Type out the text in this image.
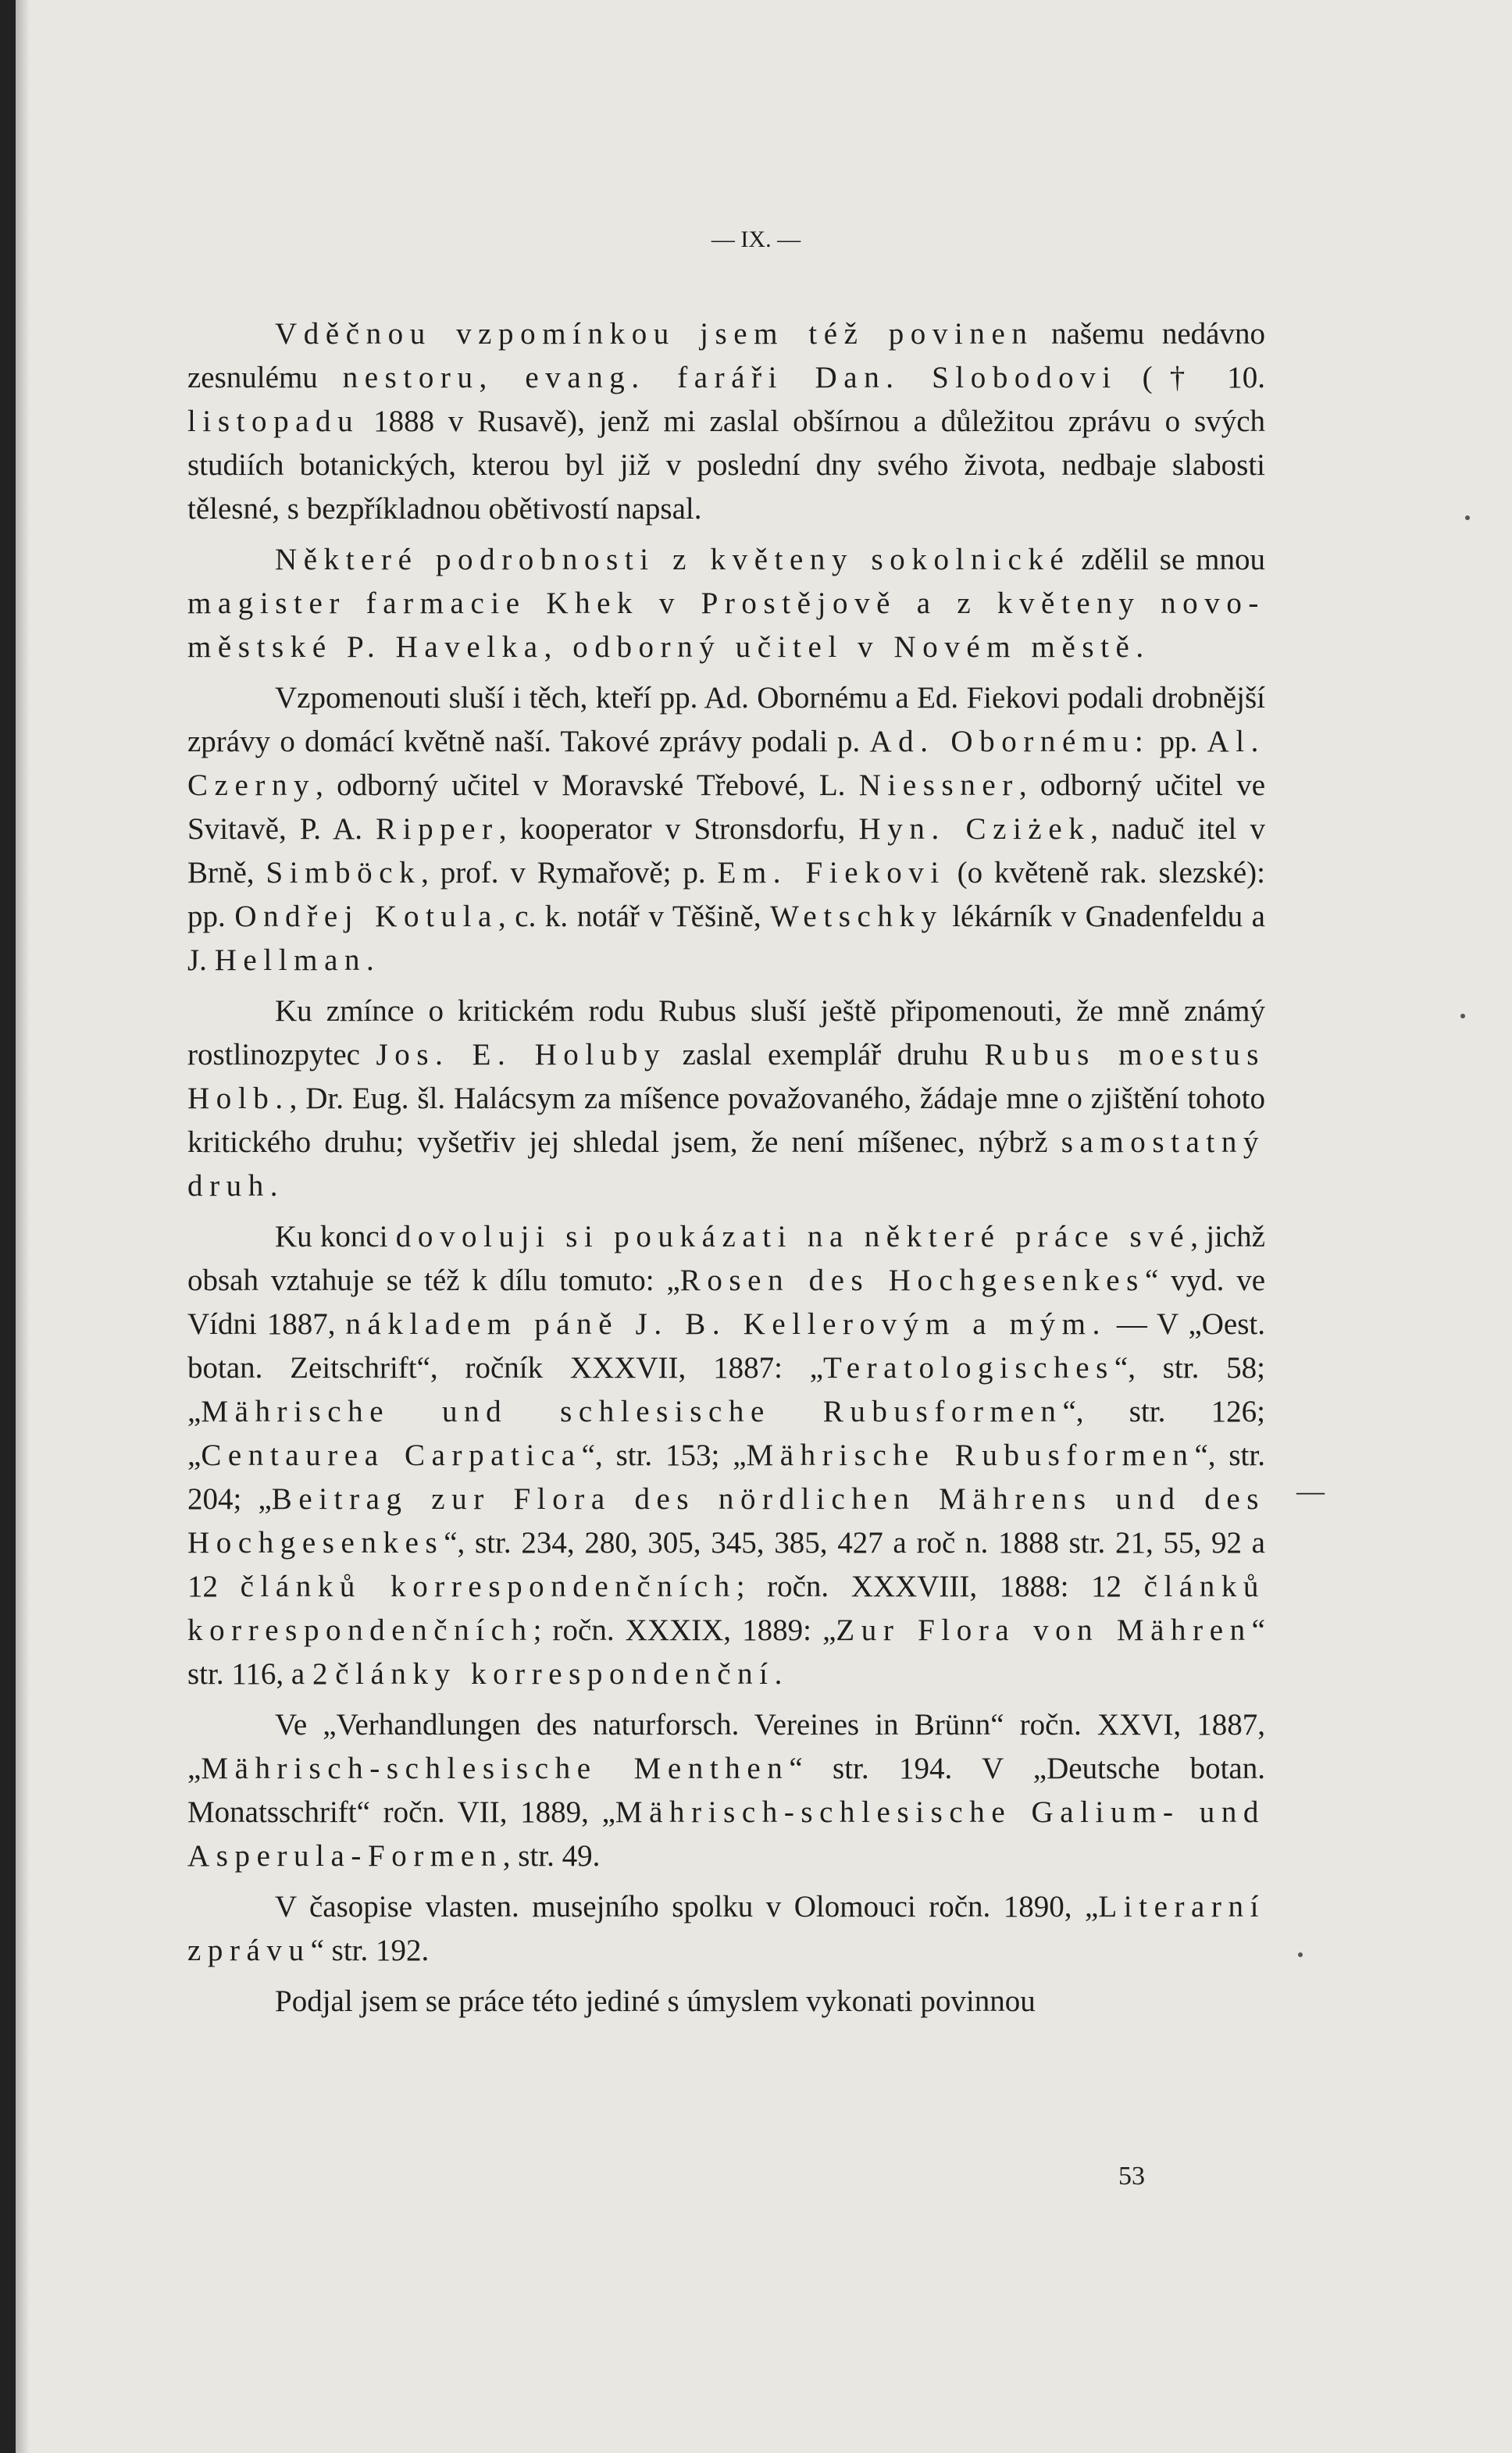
— IX. —

Vděčnou vzpomínkou jsem též povinen našemu nedávno zesnulému nestoru, evang. faráři Dan. Slobodovi († 10. listopadu 1888 v Rusavě), jenž mi zaslal obšírnou a důležitou zprávu o svých studiích botanických, kterou byl již v poslední dny svého života, nedbaje slabosti tělesné, s bezpříkladnou obětivostí napsal.

Některé podrobnosti z květeny sokolnické zdělil se mnou magister farmacie Khek v Prostějově a z květeny novo-městské P. Havelka, odborný učitel v Novém městě.

Vzpomenouti sluší i těch, kteří pp. Ad. Obornému a Ed. Fiekovi podali drobnější zprávy o domácí květně naší. Takové zprávy podali p. Ad. Obornému: pp. Al. Czerny, odborný učitel v Moravské Třebové, L. Niessner, odborný učitel ve Svitavě, P. A. Ripper, kooperator v Stronsdorfu, Hyn. Cziżek, naduč itel v Brně, Simböck, prof. v Rymařově; p. Em. Fiekovi (o květeně rak. slezské): pp. Ondřej Kotula, c. k. notář v Těšině, Wetschky lékárník v Gnadenfeldu a J. Hellman.

Ku zmínce o kritickém rodu Rubus sluší ještě připomenouti, že mně známý rostlinozpytec Jos. E. Holuby zaslal exemplář druhu Rubus moestus Holb., Dr. Eug. šl. Halácsym za míšence považovaného, žádaje mne o zjištění tohoto kritického druhu; vyšetřiv jej shledal jsem, že není míšenec, nýbrž samostatný druh.

Ku konci dovoluji si poukázati na některé práce své, jichž obsah vztahuje se též k dílu tomuto: „Rosen des Hochgesenkes“ vyd. ve Vídni 1887, nákladem páně J. B. Kellerovým a mým. — V „Oest. botan. Zeitschrift“, ročník XXXVII, 1887: „Teratologisches“, str. 58; „Mährische und schlesische Rubusformen“, str. 126; „Centaurea Carpatica“, str. 153; „Mährische Rubusformen“, str. 204; „Beitrag zur Flora des nördlichen Mährens und des Hochgesenkes“, str. 234, 280, 305, 345, 385, 427 a roč n. 1888 str. 21, 55, 92 a 12 článků korrespondenčních; ročn. XXXVIII, 1888: 12 článků korrespondenčních; ročn. XXXIX, 1889: „Zur Flora von Mähren“ str. 116, a 2 články korrespondenční.

Ve „Verhandlungen des naturforsch. Vereines in Brünn“ ročn. XXVI, 1887, „Mährisch-schlesische Menthen“ str. 194. V „Deutsche botan. Monatsschrift“ ročn. VII, 1889, „Mährisch-schlesische Galium- und Asperula-Formen, str. 49.

V časopise vlasten. musejního spolku v Olomouci ročn. 1890, „Literarní zprávu“ str. 192.

Podjal jsem se práce této jediné s úmyslem vykonati povinnou

—
53
